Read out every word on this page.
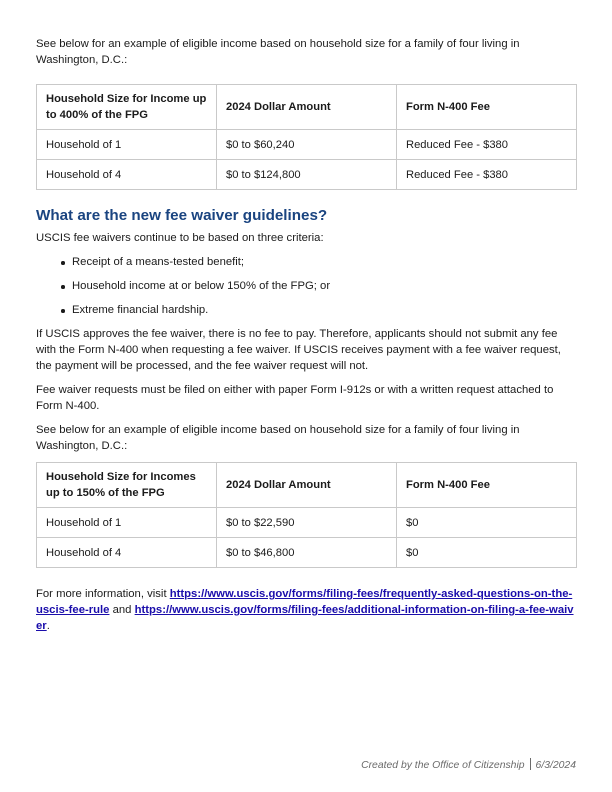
See below for an example of eligible income based on household size for a family of four living in Washington, D.C.:

Household Size for Income up to 400% of the FPG	2024 Dollar Amount	Form N-400 Fee
Household of 1	$0 to $60,240	Reduced Fee - $380
Household of 4	$0 to $124,800	Reduced Fee - $380
What are the new fee waiver guidelines?

USCIS fee waivers continue to be based on three criteria:

Receipt of a means-tested benefit;
Household income at or below 150% of the FPG; or
Extreme financial hardship.

If USCIS approves the fee waiver, there is no fee to pay. Therefore, applicants should not submit any fee with the Form N-400 when requesting a fee waiver. If USCIS receives payment with a fee waiver request, the payment will be processed, and the fee waiver request will not.

Fee waiver requests must be filed on either with paper Form I-912s or with a written request attached to Form N-400.

See below for an example of eligible income based on household size for a family of four living in Washington, D.C.:

Household Size for Incomes up to 150% of the FPG	2024 Dollar Amount	Form N-400 Fee
Household of 1	$0 to $22,590	$0
Household of 4	$0 to $46,800	$0

For more information, visit https://www.uscis.gov/forms/filing-fees/frequently-asked-questions-on-the-uscis-fee-rule and https://www.uscis.gov/forms/filing-fees/additional-information-on-filing-a-fee-waiver.

Created by the Office of Citizenship 6/3/2024
